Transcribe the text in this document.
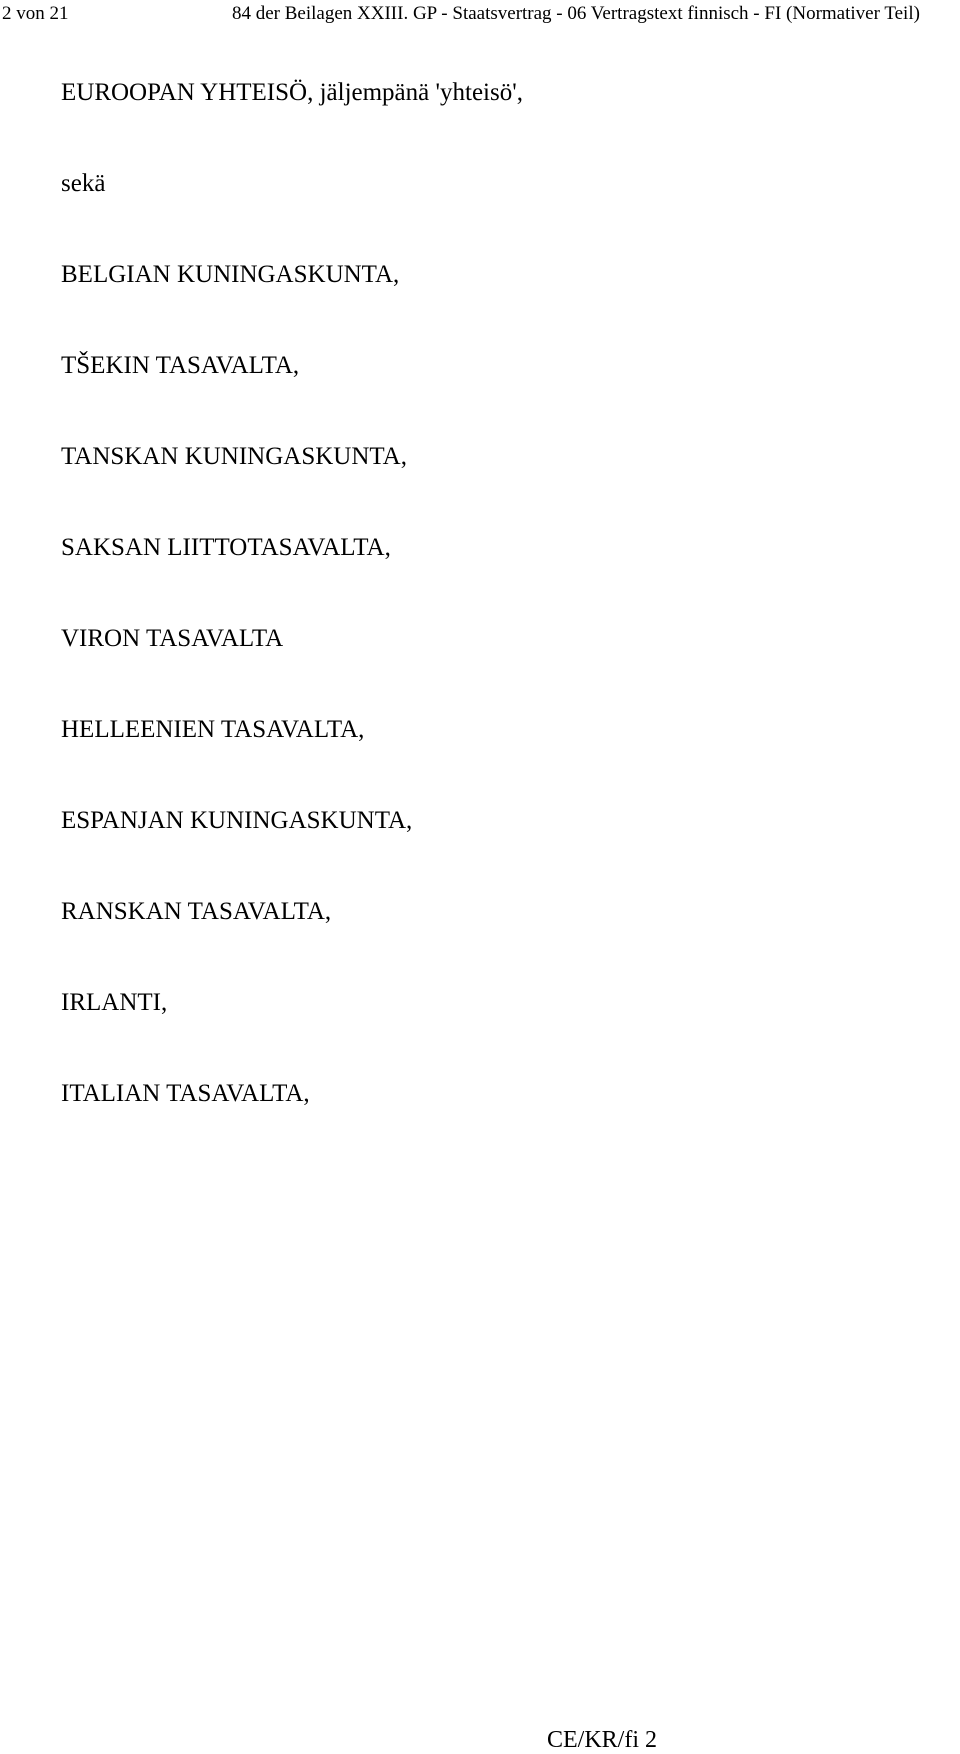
2 von 21	84 der Beilagen XXIII. GP - Staatsvertrag - 06 Vertragstext finnisch - FI (Normativer Teil)

EUROOPAN YHTEISÖ, jäljempänä 'yhteisö',

sekä

BELGIAN KUNINGASKUNTA,

TŠEKIN TASAVALTA,

TANSKAN KUNINGASKUNTA,

SAKSAN LIITTOTASAVALTA,

VIRON TASAVALTA

HELLEENIEN TASAVALTA,

ESPANJAN KUNINGASKUNTA,

RANSKAN TASAVALTA,

IRLANTI,

ITALIAN TASAVALTA,

CE/KR/fi 2
